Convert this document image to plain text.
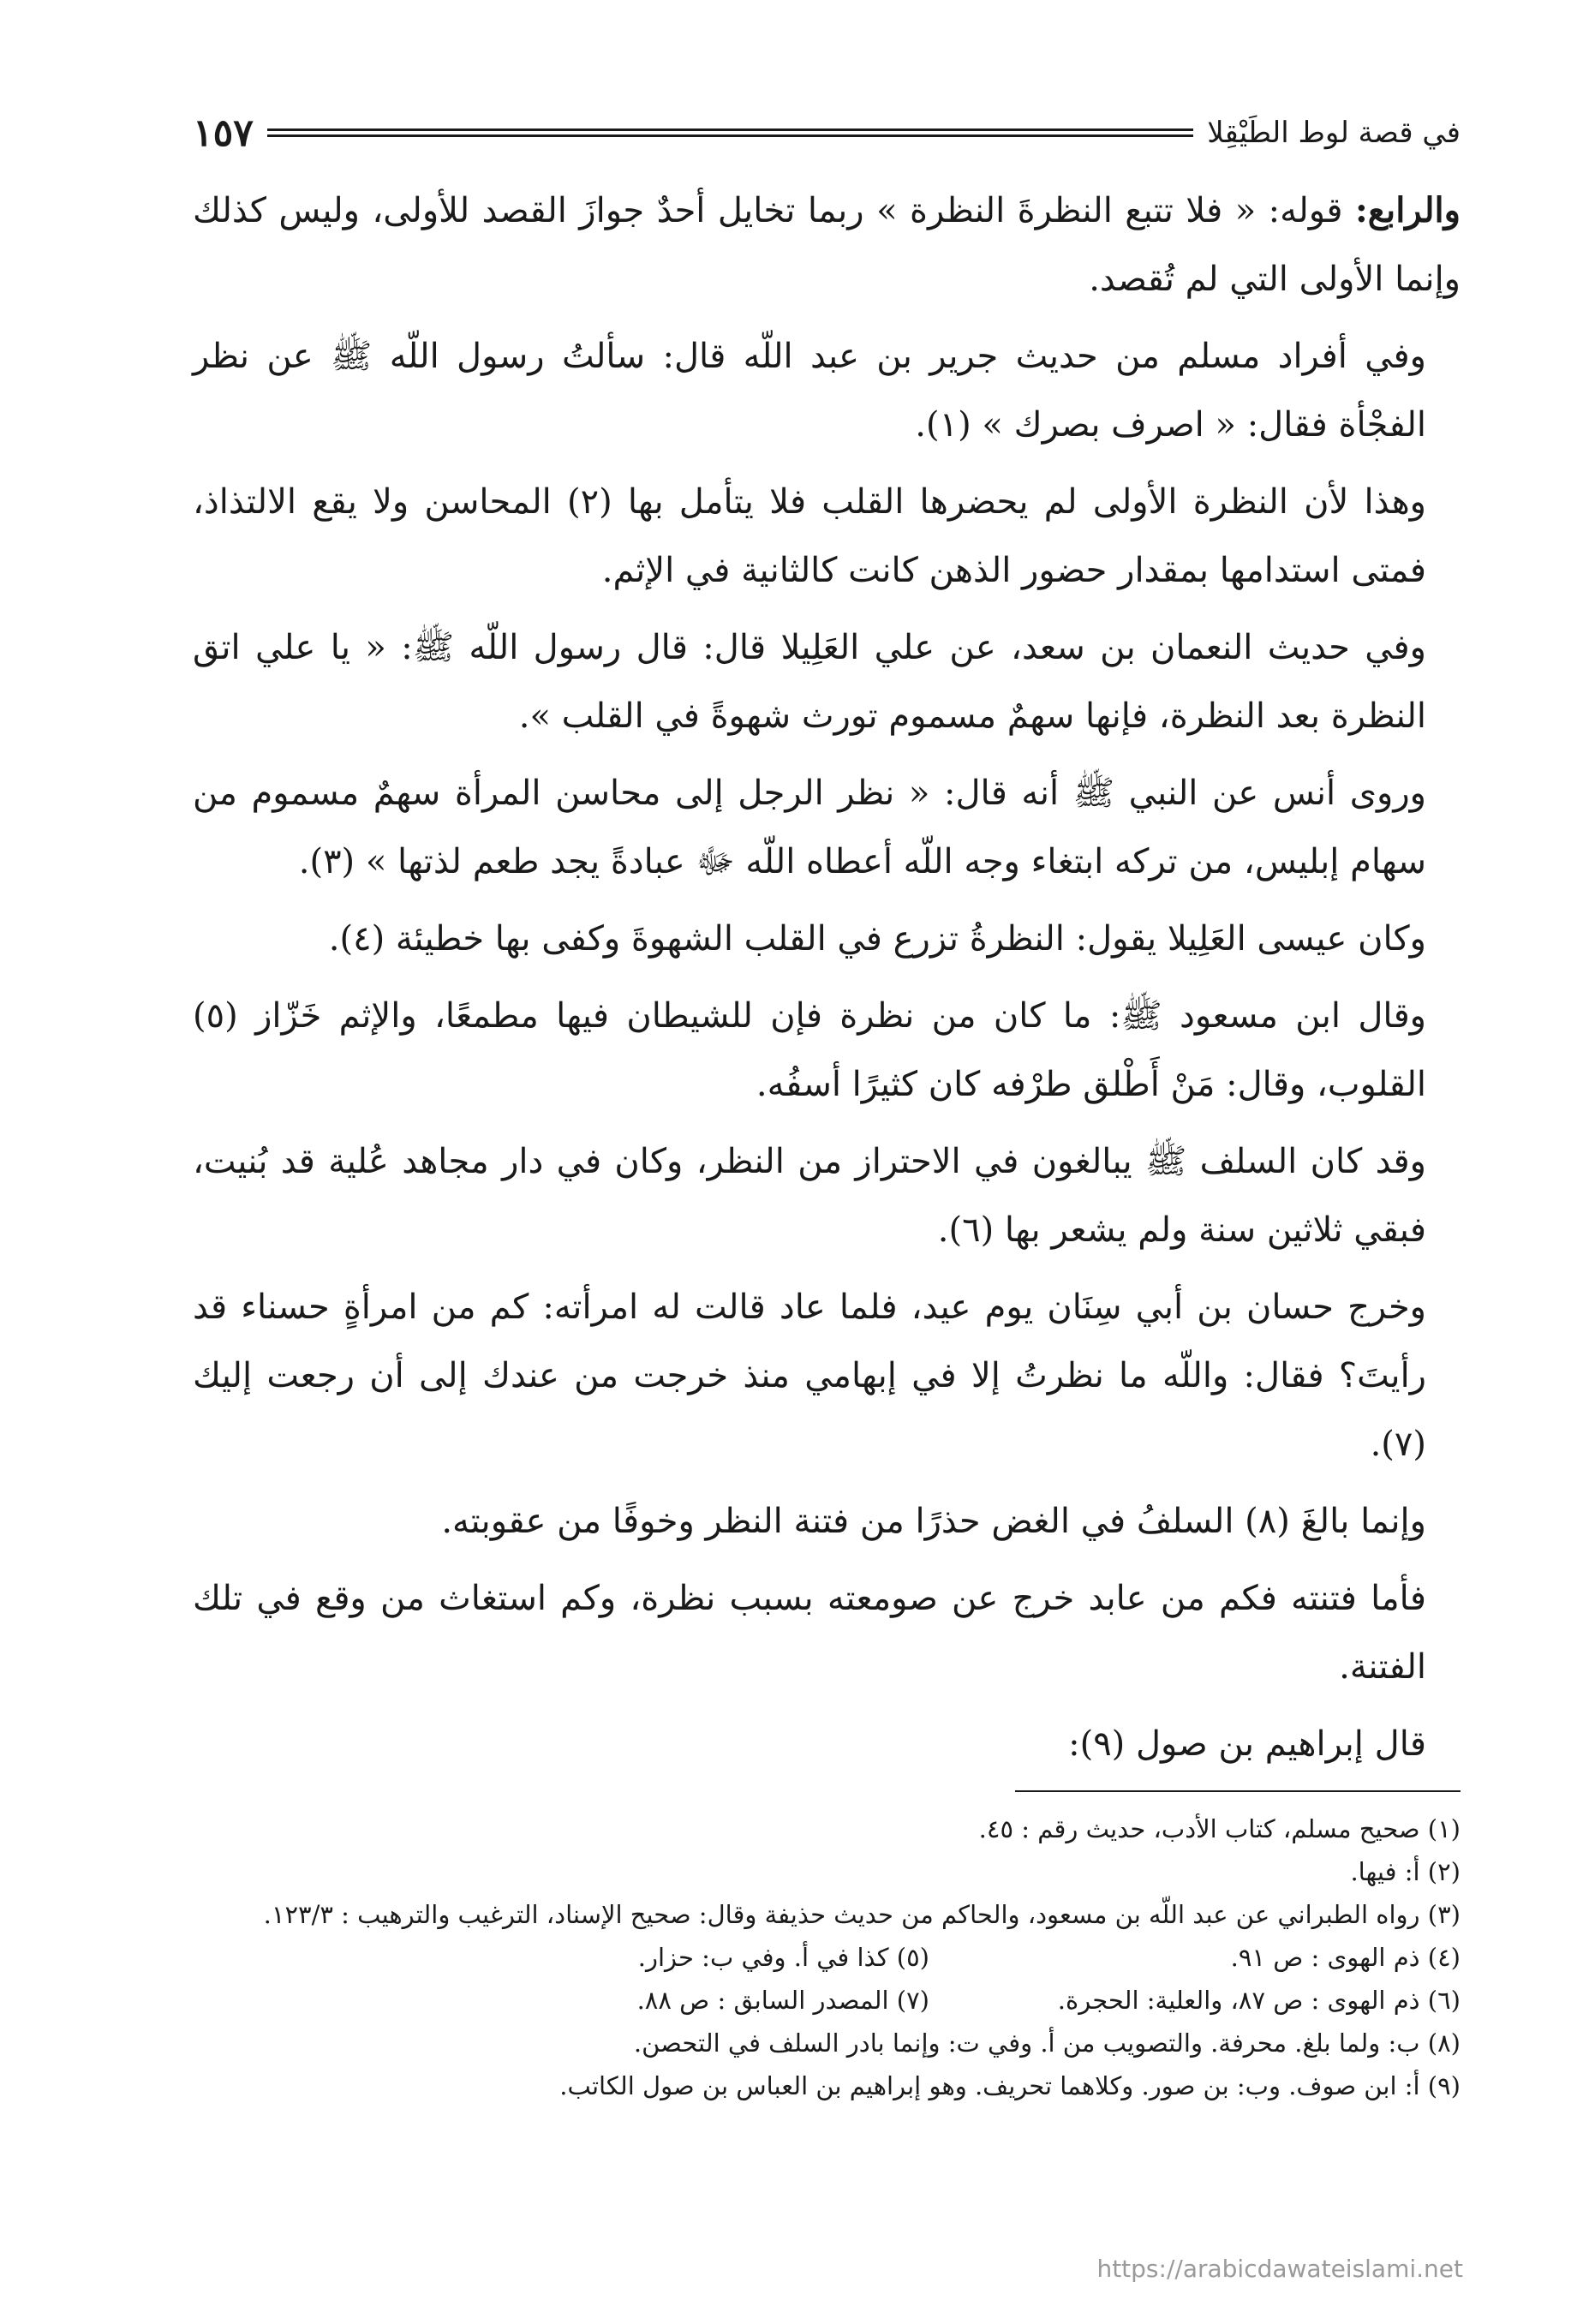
في قصة لوط الطَيْقِلا
١٥٧

والرابع: قوله: « فلا تتبع النظرةَ النظرة » ربما تخايل أحدٌ جوازَ القصد للأولى، وليس كذلك وإنما الأولى التي لم تُقصد.

وفي أفراد مسلم من حديث جرير بن عبد اللّه قال: سألتُ رسول اللّه ﷺ عن نظر الفجْأة فقال: « اصرف بصرك » (١).

وهذا لأن النظرة الأولى لم يحضرها القلب فلا يتأمل بها (٢) المحاسن ولا يقع الالتذاذ، فمتى استدامها بمقدار حضور الذهن كانت كالثانية في الإثم.

وفي حديث النعمان بن سعد، عن علي العَلِيلا قال: قال رسول اللّه ﷺ: « يا علي اتق النظرة بعد النظرة، فإنها سهمٌ مسموم تورث شهوةً في القلب ».

وروى أنس عن النبي ﷺ أنه قال: « نظر الرجل إلى محاسن المرأة سهمٌ مسموم من سهام إبليس، من تركه ابتغاء وجه اللّه أعطاه اللّه ﷻ عبادةً يجد طعم لذتها » (٣).

وكان عيسى العَلِيلا يقول: النظرةُ تزرع في القلب الشهوةَ وكفى بها خطيئة (٤).

وقال ابن مسعود ﷺ: ما كان من نظرة فإن للشيطان فيها مطمعًا، والإثم خَزّاز (٥) القلوب، وقال: مَنْ أَطْلق طرْفه كان كثيرًا أسفُه.

وقد كان السلف ﷺ يبالغون في الاحتراز من النظر، وكان في دار مجاهد عُلية قد بُنيت، فبقي ثلاثين سنة ولم يشعر بها (٦).

وخرج حسان بن أبي سِنَان يوم عيد، فلما عاد قالت له امرأته: كم من امرأةٍ حسناء قد رأيتَ؟ فقال: واللّه ما نظرتُ إلا في إبهامي منذ خرجت من عندك إلى أن رجعت إليك (٧).

وإنما بالغَ (٨) السلفُ في الغض حذرًا من فتنة النظر وخوفًا من عقوبته.

فأما فتنته فكم من عابد خرج عن صومعته بسبب نظرة، وكم استغاث من وقع في تلك الفتنة.

قال إبراهيم بن صول (٩):

(١) صحيح مسلم، كتاب الأدب، حديث رقم : ٤٥.

(٢) أ: فيها.

(٣) رواه الطبراني عن عبد اللّه بن مسعود، والحاكم من حديث حذيفة وقال: صحيح الإسناد، الترغيب والترهيب : ١٢٣/٣.

(٤) ذم الهوى : ص ٩١.
(٥) كذا في أ. وفي ب: حزار.
(٦) ذم الهوى : ص ٨٧، والعلية: الحجرة.
(٧) المصدر السابق : ص ٨٨.

(٨) ب: ولما بلغ. محرفة. والتصويب من أ. وفي ت: وإنما بادر السلف في التحصن.

(٩) أ: ابن صوف. وب: بن صور. وكلاهما تحريف. وهو إبراهيم بن العباس بن صول الكاتب.

https://arabicdawateislami.net
